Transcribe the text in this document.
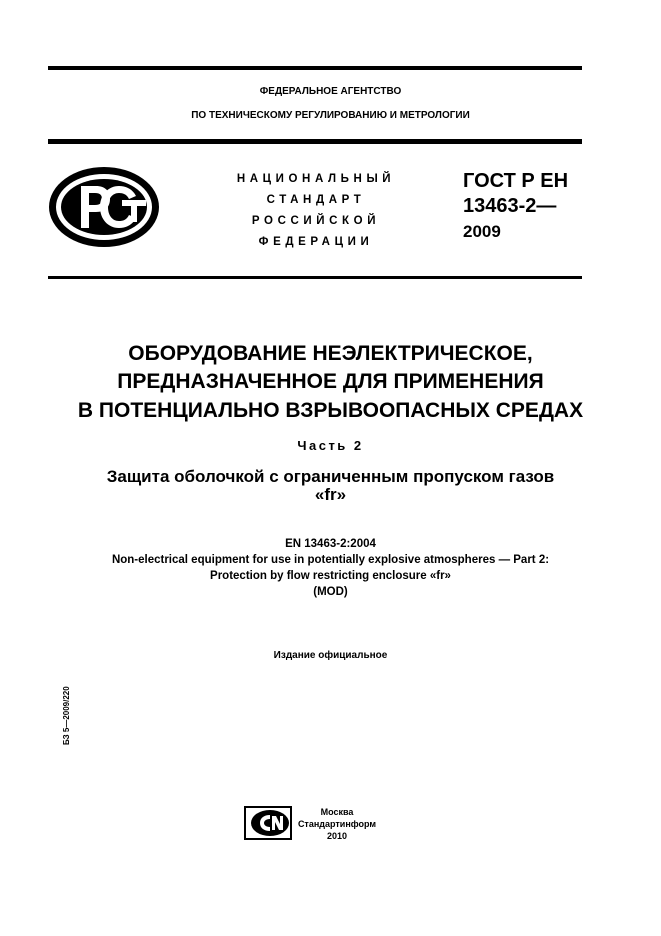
ФЕДЕРАЛЬНОЕ АГЕНТСТВО
ПО ТЕХНИЧЕСКОМУ РЕГУЛИРОВАНИЮ И МЕТРОЛОГИИ
НАЦИОНАЛЬНЫЙ
СТАНДАРТ
РОССИЙСКОЙ
ФЕДЕРАЦИИ
ГОСТ Р ЕН
13463-2—
2009
ОБОРУДОВАНИЕ НЕЭЛЕКТРИЧЕСКОЕ,
ПРЕДНАЗНАЧЕННОЕ ДЛЯ ПРИМЕНЕНИЯ
В ПОТЕНЦИАЛЬНО ВЗРЫВООПАСНЫХ СРЕДАХ
Часть 2
Защита оболочкой с ограниченным пропуском газов
«fr»
EN 13463-2:2004
Non-electrical equipment for use in potentially explosive atmospheres — Part 2:
Protection by flow restricting enclosure «fr»
(MOD)
Издание официальное
БЗ 5—2009/220
Москва
Стандартинформ
2010
